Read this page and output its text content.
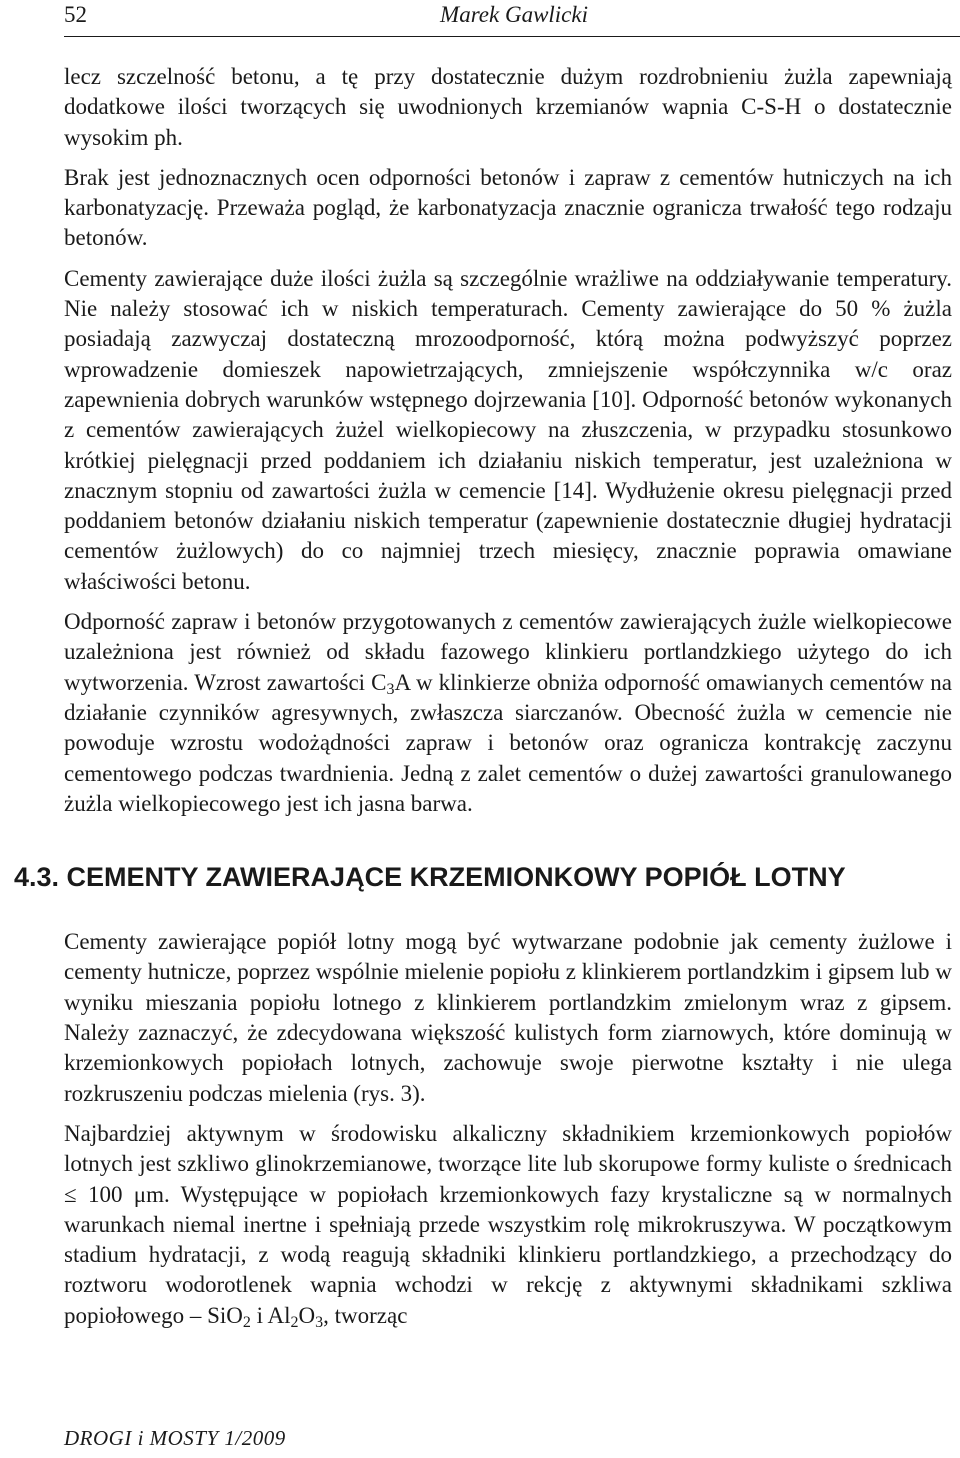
52	Marek Gawlicki

lecz szczelność betonu, a tę przy dostatecznie dużym rozdrobnieniu żużla zapewniają dodatkowe ilości tworzących się uwodnionych krzemianów wapnia C-S-H o dostatecznie wysokim ph.

Brak jest jednoznacznych ocen odporności betonów i zapraw z cementów hutniczych na ich karbonatyzację. Przeważa pogląd, że karbonatyzacja znacznie ogranicza trwałość tego rodzaju betonów.

Cementy zawierające duże ilości żużla są szczególnie wrażliwe na oddziaływanie temperatury. Nie należy stosować ich w niskich temperaturach. Cementy zawierające do 50 % żużla posiadają zazwyczaj dostateczną mrozoodporność, którą można podwyższyć poprzez wprowadzenie domieszek napowietrzających, zmniejszenie współczynnika w/c oraz zapewnienia dobrych warunków wstępnego dojrzewania [10]. Odporność betonów wykonanych z cementów zawierających żużel wielkopiecowy na złuszczenia, w przypadku stosunkowo krótkiej pielęgnacji przed poddaniem ich działaniu niskich temperatur, jest uzależniona w znacznym stopniu od zawartości żużla w cemencie [14]. Wydłużenie okresu pielęgnacji przed poddaniem betonów działaniu niskich temperatur (zapewnienie dostatecznie długiej hydratacji cementów żużlowych) do co najmniej trzech miesięcy, znacznie poprawia omawiane właściwości betonu.

Odporność zapraw i betonów przygotowanych z cementów zawierających żużle wielkopiecowe uzależniona jest również od składu fazowego klinkieru portlandzkiego użytego do ich wytworzenia. Wzrost zawartości $C_3A$ w klinkierze obniża odporność omawianych cementów na działanie czynników agresywnych, zwłaszcza siarczanów. Obecność żużla w cemencie nie powoduje wzrostu wodożądności zapraw i betonów oraz ogranicza kontrakcję zaczynu cementowego podczas twardnienia. Jedną z zalet cementów o dużej zawartości granulowanego żużla wielkopiecowego jest ich jasna barwa.

4.3. CEMENTY ZAWIERAJĄCE KRZEMIONKOWY POPIÓŁ LOTNY

Cementy zawierające popiół lotny mogą być wytwarzane podobnie jak cementy żużlowe i cementy hutnicze, poprzez wspólnie mielenie popiołu z klinkierem portlandzkim i gipsem lub w wyniku mieszania popiołu lotnego z klinkierem portlandzkim zmielonym wraz z gipsem. Należy zaznaczyć, że zdecydowana większość kulistych form ziarnowych, które dominują w krzemionkowych popiołach lotnych, zachowuje swoje pierwotne kształty i nie ulega rozkruszeniu podczas mielenia (rys. 3).

Najbardziej aktywnym w środowisku alkaliczny składnikiem krzemionkowych popiołów lotnych jest szkliwo glinokrzemianowe, tworzące lite lub skorupowe formy kuliste o średnicach ≤ 100 μm. Występujące w popiołach krzemionkowych fazy krystaliczne są w normalnych warunkach niemal inertne i spełniają przede wszystkim rolę mikrokruszywa. W początkowym stadium hydratacji, z wodą reagują składniki klinkieru portlandzkiego, a przechodzący do roztworu wodorotlenek wapnia wchodzi w rekcję z aktywnymi składnikami szkliwa popiołowego – SiO$_2$ i $Al_2O_3$, tworząc

DROGI i MOSTY 1/2009
